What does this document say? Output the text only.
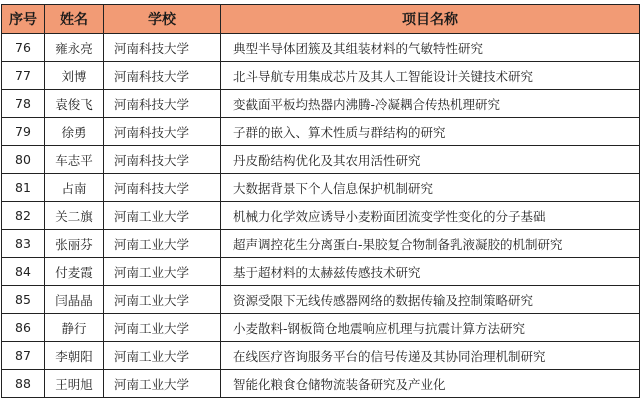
序号	姓名	学校	项目名称
76	雍永亮	河南科技大学	典型半导体团簇及其组装材料的气敏特性研究
77	刘博	河南科技大学	北斗导航专用集成芯片及其人工智能设计关键技术研究
78	袁俊飞	河南科技大学	变截面平板均热器内沸腾-冷凝耦合传热机理研究
79	徐勇	河南科技大学	子群的嵌入、算术性质与群结构的研究
80	车志平	河南科技大学	丹皮酚结构优化及其农用活性研究
81	占南	河南科技大学	大数据背景下个人信息保护机制研究
82	关二旗	河南工业大学	机械力化学效应诱导小麦粉面团流变学性变化的分子基础
83	张丽芬	河南工业大学	超声调控花生分离蛋白-果胶复合物制备乳液凝胶的机制研究
84	付麦霞	河南工业大学	基于超材料的太赫兹传感技术研究
85	闫晶晶	河南工业大学	资源受限下无线传感器网络的数据传输及控制策略研究
86	静行	河南工业大学	小麦散料-钢板筒仓地震响应机理与抗震计算方法研究
87	李朝阳	河南工业大学	在线医疗咨询服务平台的信号传递及其协同治理机制研究
88	王明旭	河南工业大学	智能化粮食仓储物流装备研究及产业化
